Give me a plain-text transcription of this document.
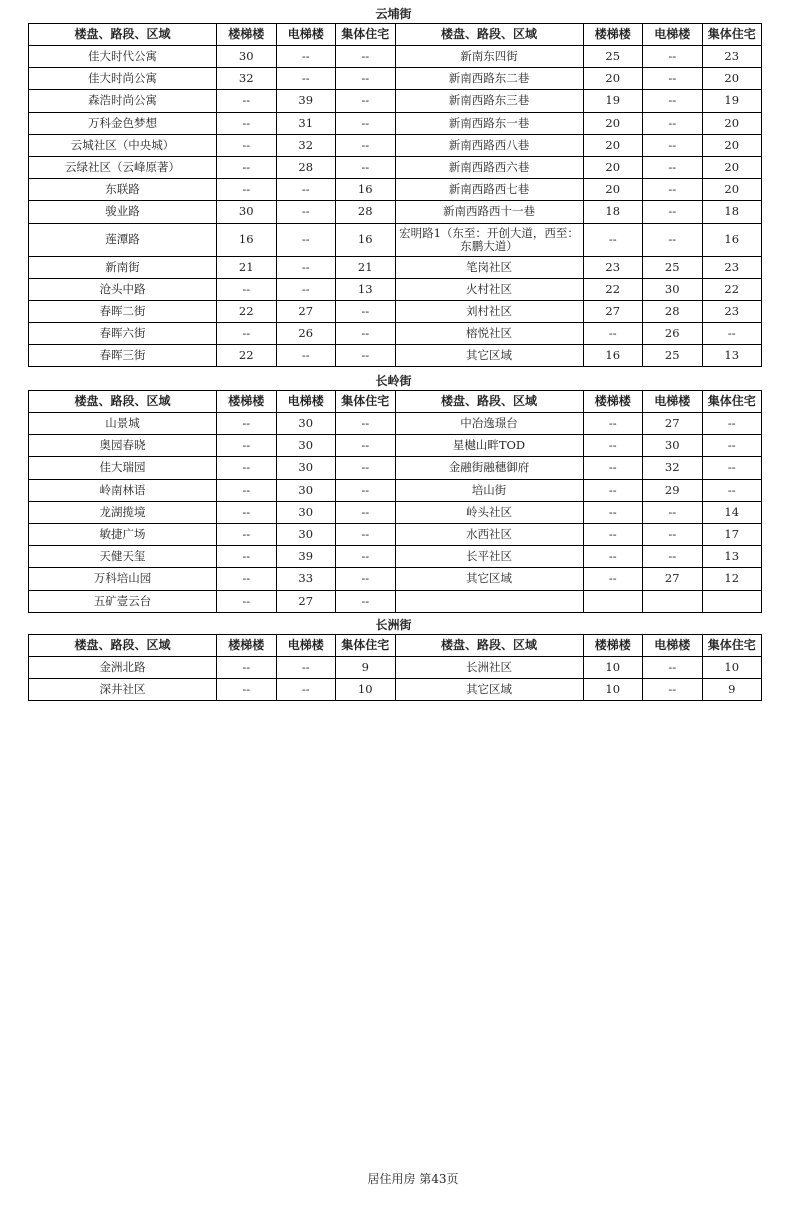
云埔街
楼盘、路段、区域	楼梯楼	电梯楼	集体住宅	楼盘、路段、区域	楼梯楼	电梯楼	集体住宅
佳大时代公寓	30	--	--	新南东四街	25	--	23
佳大时尚公寓	32	--	--	新南西路东二巷	20	--	20
森浩时尚公寓	--	39	--	新南西路东三巷	19	--	19
万科金色梦想	--	31	--	新南西路东一巷	20	--	20
云城社区（中央城）	--	32	--	新南西路西八巷	20	--	20
云绿社区（云峰原著）	--	28	--	新南西路西六巷	20	--	20
东联路	--	--	16	新南西路西七巷	20	--	20
骏业路	30	--	28	新南西路西十一巷	18	--	18
莲潭路	16	--	16	宏明路1（东至：开创大道，西至：东鹏大道）	--	--	16
新南街	21	--	21	笔岗社区	23	25	23
沧头中路	--	--	13	火村社区	22	30	22
春晖二街	22	27	--	刘村社区	27	28	23
春晖六街	--	26	--	榕悦社区	--	26	--
春晖三街	22	--	--	其它区域	16	25	13
长岭街
楼盘、路段、区域	楼梯楼	电梯楼	集体住宅	楼盘、路段、区域	楼梯楼	电梯楼	集体住宅
山景城	--	30	--	中冶逸璟台	--	27	--
奥园春晓	--	30	--	星樾山畔TOD	--	30	--
佳大瑞园	--	30	--	金融街融穗御府	--	32	--
岭南林语	--	30	--	培山街	--	29	--
龙湖揽境	--	30	--	岭头社区	--	--	14
敏捷广场	--	30	--	水西社区	--	--	17
天健天玺	--	39	--	长平社区	--	--	13
万科培山园	--	33	--	其它区域	--	27	12
五矿壹云台	--	27	--				
长洲街
楼盘、路段、区域	楼梯楼	电梯楼	集体住宅	楼盘、路段、区域	楼梯楼	电梯楼	集体住宅
金洲北路	--	--	9	长洲社区	10	--	10
深井社区	--	--	10	其它区域	10	--	9
居住用房 第43页
